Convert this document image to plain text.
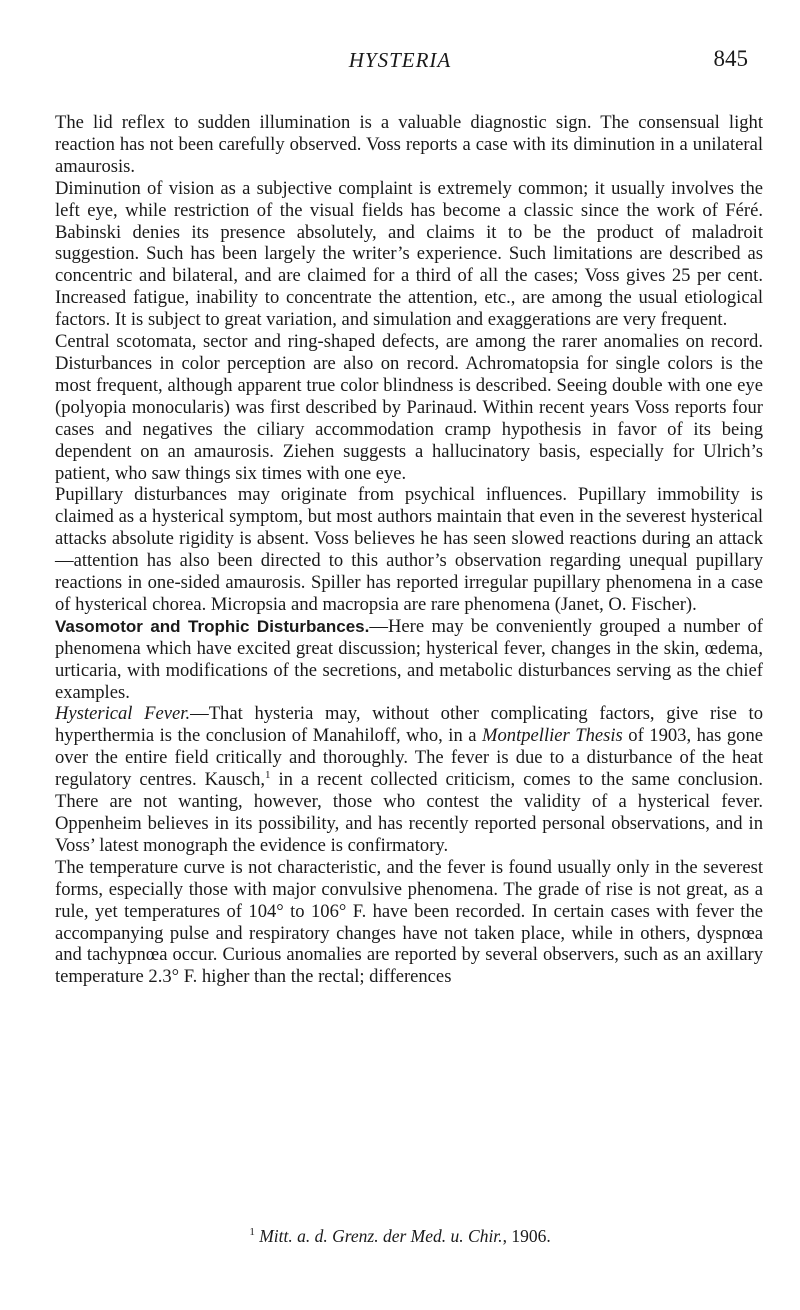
HYSTERIA	845

The lid reflex to sudden illumination is a valuable diagnostic sign. The consensual light reaction has not been carefully observed. Voss reports a case with its diminution in a unilateral amaurosis.

Diminution of vision as a subjective complaint is extremely common; it usually involves the left eye, while restriction of the visual fields has become a classic since the work of Féré. Babinski denies its presence absolutely, and claims it to be the product of maladroit suggestion. Such has been largely the writer’s experience. Such limitations are described as concentric and bilateral, and are claimed for a third of all the cases; Voss gives 25 per cent. Increased fatigue, inability to concentrate the attention, etc., are among the usual etiological factors. It is subject to great variation, and simulation and exaggerations are very frequent.

Central scotomata, sector and ring-shaped defects, are among the rarer anomalies on record. Disturbances in color perception are also on record. Achromatopsia for single colors is the most frequent, although apparent true color blindness is described. Seeing double with one eye (polyopia monocularis) was first described by Parinaud. Within recent years Voss reports four cases and negatives the ciliary accommodation cramp hypothesis in favor of its being dependent on an amaurosis. Ziehen suggests a hallucinatory basis, especially for Ulrich’s patient, who saw things six times with one eye.

Pupillary disturbances may originate from psychical influences. Pupillary immobility is claimed as a hysterical symptom, but most authors maintain that even in the severest hysterical attacks absolute rigidity is absent. Voss believes he has seen slowed reactions during an attack—attention has also been directed to this author’s observation regarding unequal pupillary reactions in one-sided amaurosis. Spiller has reported irregular pupillary phenomena in a case of hysterical chorea. Micropsia and macropsia are rare phenomena (Janet, O. Fischer).

Vasomotor and Trophic Disturbances.—Here may be conveniently grouped a number of phenomena which have excited great discussion; hysterical fever, changes in the skin, œdema, urticaria, with modifications of the secretions, and metabolic disturbances serving as the chief examples.

Hysterical Fever.—That hysteria may, without other complicating factors, give rise to hyperthermia is the conclusion of Manahiloff, who, in a Montpellier Thesis of 1903, has gone over the entire field critically and thoroughly. The fever is due to a disturbance of the heat regulatory centres. Kausch,$^1$ in a recent collected criticism, comes to the same conclusion. There are not wanting, however, those who contest the validity of a hysterical fever. Oppenheim believes in its possibility, and has recently reported personal observations, and in Voss’ latest monograph the evidence is confirmatory.

The temperature curve is not characteristic, and the fever is found usually only in the severest forms, especially those with major convulsive phenomena. The grade of rise is not great, as a rule, yet temperatures of 104° to 106° F. have been recorded. In certain cases with fever the accompanying pulse and respiratory changes have not taken place, while in others, dyspnœa and tachypnœa occur. Curious anomalies are reported by several observers, such as an axillary temperature 2.3° F. higher than the rectal; differences

$^1$ Mitt. a. d. Grenz. der Med. u. Chir., 1906.
